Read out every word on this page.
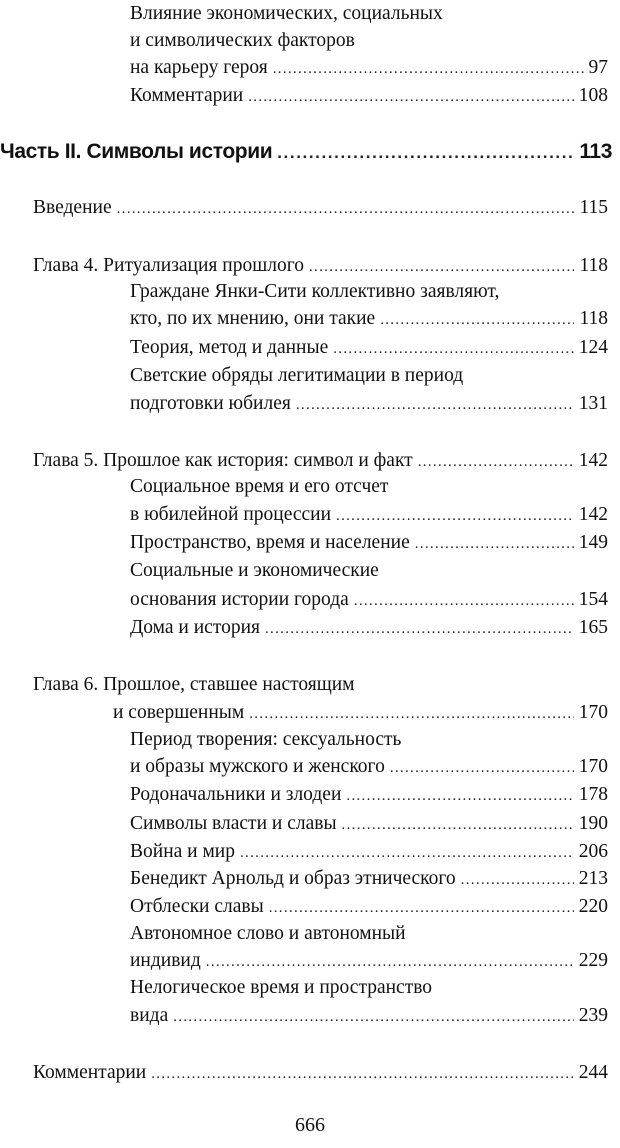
Влияние экономических, социальных
и символических факторов
на карьеру героя .....	97
Комментарии .....	108
Часть II. Символы истории .....	113
Введение .....	115
Глава 4. Ритуализация прошлого .....	118
Граждане Янки-Сити коллективно заявляют,
кто, по их мнению, они такие .....	118
Теория, метод и данные .....	124
Светские обряды легитимации в период
подготовки юбилея .....	131
Глава 5. Прошлое как история: символ и факт .....	142
Социальное время и его отсчет
в юбилейной процессии .....	142
Пространство, время и население .....	149
Социальные и экономические
основания истории города .....	154
Дома и история .....	165
Глава 6. Прошлое, ставшее настоящим
и совершенным .....	170
Период творения: сексуальность
и образы мужского и женского .....	170
Родоначальники и злодеи .....	178
Символы власти и славы .....	190
Война и мир .....	206
Бенедикт Арнольд и образ этнического .....	213
Отблески славы .....	220
Автономное слово и автономный
индивид .....	229
Нелогическое время и пространство
вида .....	239
Комментарии .....	244
666
